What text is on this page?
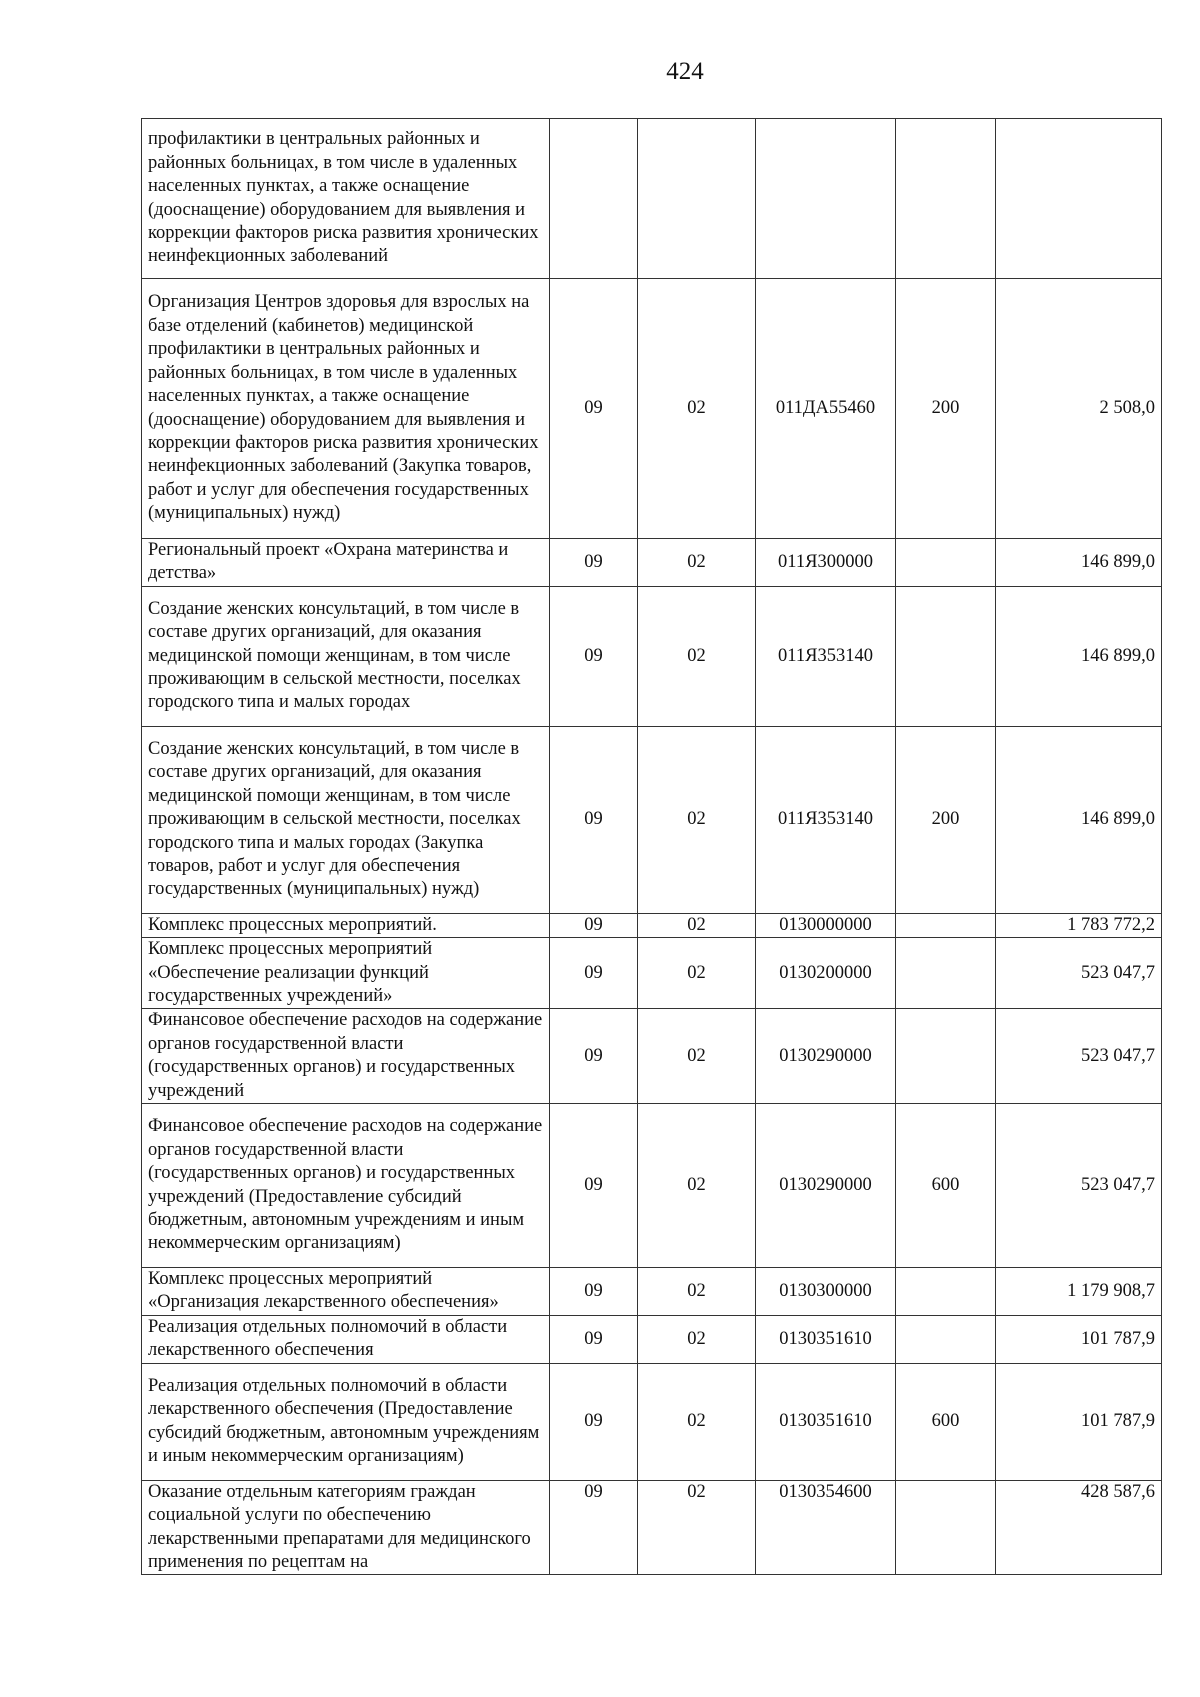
424
профилактики в центральных районных и районных больницах, в том числе в удаленных населенных пунктах, а также оснащение (дооснащение) оборудованием для выявления и коррекции факторов риска развития хронических неинфекционных заболеваний					
Организация Центров здоровья для взрослых на базе отделений (кабинетов) медицинской профилактики в центральных районных и районных больницах, в том числе в удаленных населенных пунктах, а также оснащение (дооснащение) оборудованием для выявления и коррекции факторов риска развития хронических неинфекционных заболеваний (Закупка товаров, работ и услуг для обеспечения государственных (муниципальных) нужд)	09	02	011ДА55460	200	2 508,0
Региональный проект «Охрана материнства и детства»	09	02	011Я300000		146 899,0
Создание женских консультаций, в том числе в составе других организаций, для оказания медицинской помощи женщинам, в том числе проживающим в сельской местности, поселках городского типа и малых городах	09	02	011Я353140		146 899,0
Создание женских консультаций, в том числе в составе других организаций, для оказания медицинской помощи женщинам, в том числе проживающим в сельской местности, поселках городского типа и малых городах (Закупка товаров, работ и услуг для обеспечения государственных (муниципальных) нужд)	09	02	011Я353140	200	146 899,0
Комплекс процессных мероприятий.	09	02	0130000000		1 783 772,2
Комплекс процессных мероприятий «Обеспечение реализации функций государственных учреждений»	09	02	0130200000		523 047,7
Финансовое обеспечение расходов на содержание органов государственной власти (государственных органов) и государственных учреждений	09	02	0130290000		523 047,7
Финансовое обеспечение расходов на содержание органов государственной власти (государственных органов) и государственных учреждений (Предоставление субсидий бюджетным, автономным учреждениям и иным некоммерческим организациям)	09	02	0130290000	600	523 047,7
Комплекс процессных мероприятий «Организация лекарственного обеспечения»	09	02	0130300000		1 179 908,7
Реализация отдельных полномочий в области лекарственного обеспечения	09	02	0130351610		101 787,9
Реализация отдельных полномочий в области лекарственного обеспечения (Предоставление субсидий бюджетным, автономным учреждениям и иным некоммерческим организациям)	09	02	0130351610	600	101 787,9
Оказание отдельным категориям граждан социальной услуги по обеспечению лекарственными препаратами для медицинского применения по рецептам на	09	02	0130354600		428 587,6
